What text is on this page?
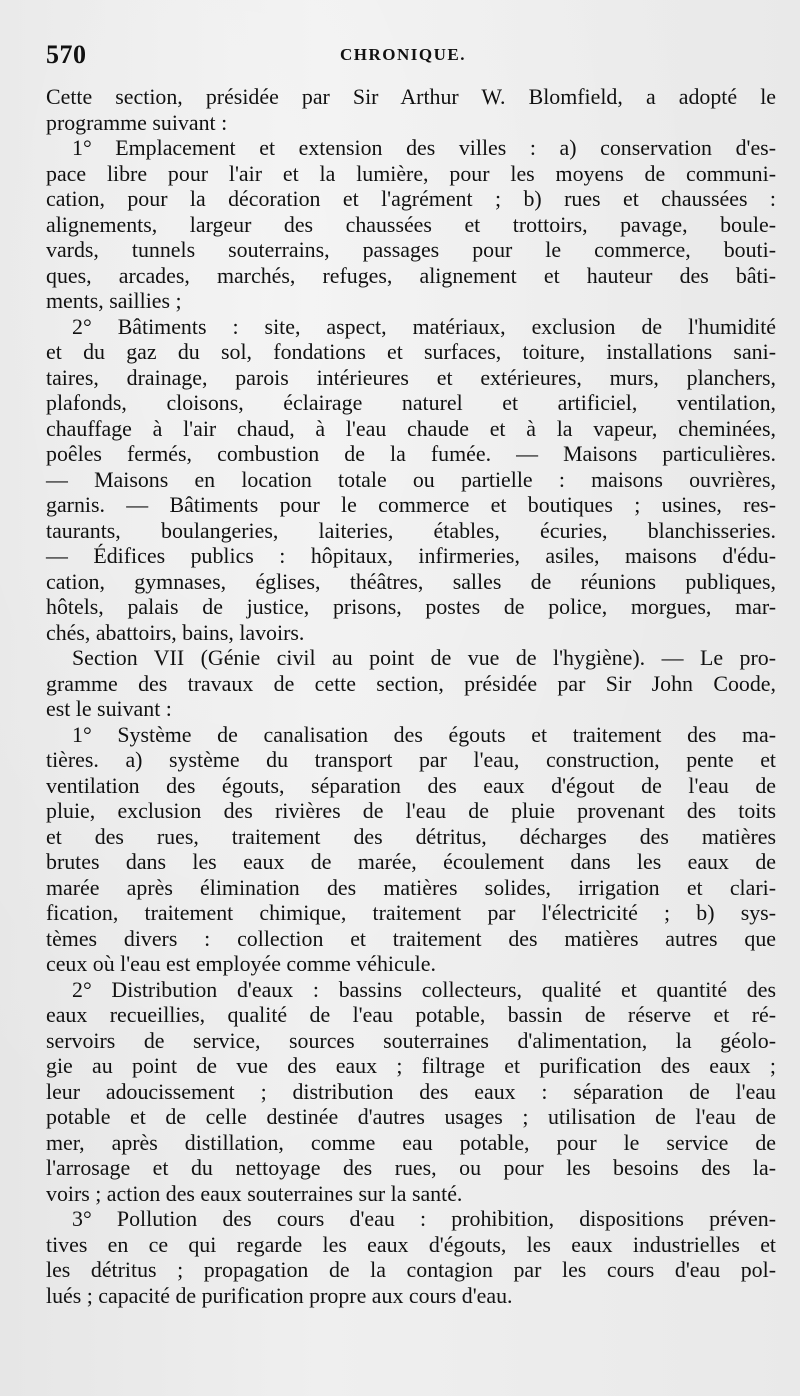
570	CHRONIQUE.
Cette section, présidée par Sir Arthur W. Blomfield, a adopté le
programme suivant :
1° Emplacement et extension des villes : a) conservation d'es-
pace libre pour l'air et la lumière, pour les moyens de communi-
cation, pour la décoration et l'agrément ; b) rues et chaussées :
alignements, largeur des chaussées et trottoirs, pavage, boule-
vards, tunnels souterrains, passages pour le commerce, bouti-
ques, arcades, marchés, refuges, alignement et hauteur des bâti-
ments, saillies ;
2° Bâtiments : site, aspect, matériaux, exclusion de l'humidité
et du gaz du sol, fondations et surfaces, toiture, installations sani-
taires, drainage, parois intérieures et extérieures, murs, planchers,
plafonds, cloisons, éclairage naturel et artificiel, ventilation,
chauffage à l'air chaud, à l'eau chaude et à la vapeur, cheminées,
poêles fermés, combustion de la fumée. — Maisons particulières.
— Maisons en location totale ou partielle : maisons ouvrières,
garnis. — Bâtiments pour le commerce et boutiques ; usines, res-
taurants, boulangeries, laiteries, étables, écuries, blanchisseries.
— Édifices publics : hôpitaux, infirmeries, asiles, maisons d'édu-
cation, gymnases, églises, théâtres, salles de réunions publiques,
hôtels, palais de justice, prisons, postes de police, morgues, mar-
chés, abattoirs, bains, lavoirs.
Section VII (Génie civil au point de vue de l'hygiène). — Le pro-
gramme des travaux de cette section, présidée par Sir John Coode,
est le suivant :
1° Système de canalisation des égouts et traitement des ma-
tières. a) système du transport par l'eau, construction, pente et
ventilation des égouts, séparation des eaux d'égout de l'eau de
pluie, exclusion des rivières de l'eau de pluie provenant des toits
et des rues, traitement des détritus, décharges des matières
brutes dans les eaux de marée, écoulement dans les eaux de
marée après élimination des matières solides, irrigation et clari-
fication, traitement chimique, traitement par l'électricité ; b) sys-
tèmes divers : collection et traitement des matières autres que
ceux où l'eau est employée comme véhicule.
2° Distribution d'eaux : bassins collecteurs, qualité et quantité des
eaux recueillies, qualité de l'eau potable, bassin de réserve et ré-
servoirs de service, sources souterraines d'alimentation, la géolo-
gie au point de vue des eaux ; filtrage et purification des eaux ;
leur adoucissement ; distribution des eaux : séparation de l'eau
potable et de celle destinée d'autres usages ; utilisation de l'eau de
mer, après distillation, comme eau potable, pour le service de
l'arrosage et du nettoyage des rues, ou pour les besoins des la-
voirs ; action des eaux souterraines sur la santé.
3° Pollution des cours d'eau : prohibition, dispositions préven-
tives en ce qui regarde les eaux d'égouts, les eaux industrielles et
les détritus ; propagation de la contagion par les cours d'eau pol-
lués ; capacité de purification propre aux cours d'eau.
